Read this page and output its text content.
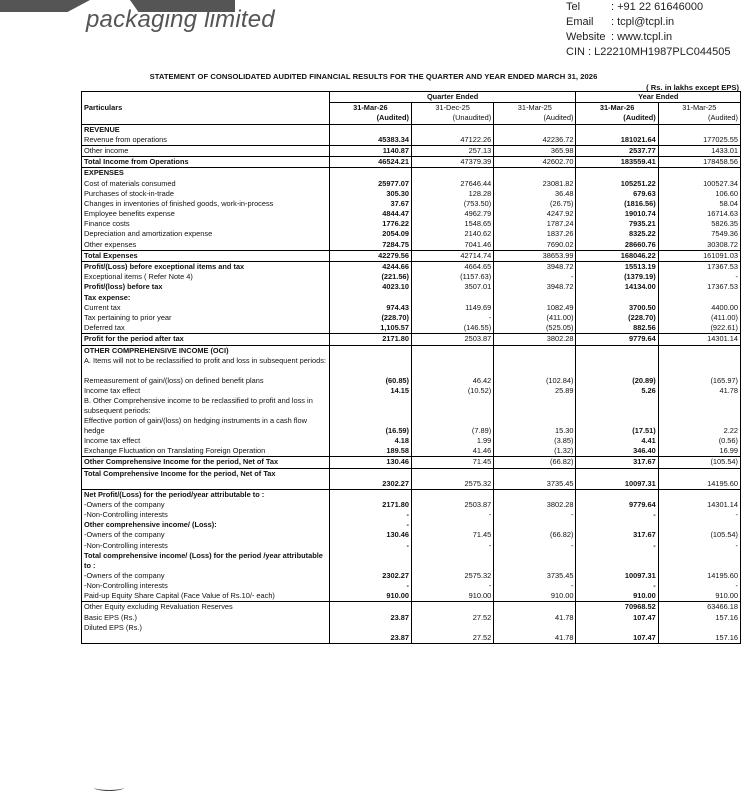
packaging limited	Tel	: +91 22 61646000
Email : tcpl@tcpl.in
Website : www.tcpl.in
CIN : L22210MH1987PLC044505
STATEMENT OF CONSOLIDATED AUDITED FINANCIAL RESULTS FOR THE QUARTER AND YEAR ENDED MARCH 31, 2026
( Rs. in lakhs except EPS)
	Quarter Ended			Year Ended	
Particulars	31-Mar-26	31-Dec-25	31-Mar-25	31-Mar-26	31-Mar-25
	(Audited)	(Unaudited)	(Audited)	(Audited)	(Audited)
REVENUE					
Revenue from operations	45383.34	47122.26	42236.72	181021.64	177025.55
Other income	1140.87	257.13	365.98	2537.77	1433.01
Total Income from Operations	46524.21	47379.39	42602.70	183559.41	178458.56
EXPENSES					
Cost of materials consumed	25977.07	27646.44	23081.82	105251.22	100527.34
Purchases of stock-in-trade	305.30	128.28	36.48	679.63	106.60
Changes in inventories of finished goods, work-in-process	37.67	(753.50)	(26.75)	(1816.56)	58.04
Employee benefits expense	4844.47	4962.79	4247.92	19010.74	16714.63
Finance costs	1776.22	1548.65	1787.24	7935.21	5826.35
Depreciation and amortization expense	2054.09	2140.62	1837.26	8325.22	7549.36
Other expenses	7284.75	7041.46	7690.02	28660.76	30308.72
Total Expenses	42279.56	42714.74	38653.99	168046.22	161091.03
Profit/(Loss) before exceptional items and tax	4244.66	4664.65	3948.72	15513.19	17367.53
Exceptional items ( Refer Note 4)	(221.56)	(1157.63)	-	(1379.19)	-
Profit/(loss) before tax	4023.10	3507.01	3948.72	14134.00	17367.53
Tax expense:					
Current tax	974.43	1149.69	1082.49	3700.50	4400.00
Tax pertaining to prior year	(228.70)	-	(411.00)	(228.70)	(411.00)
Deferred tax	1,105.57	(146.55)	(525.05)	882.56	(922.61)
Profit for the period after tax	2171.80	2503.87	3802.28	9779.64	14301.14
OTHER COMPREHENSIVE INCOME (OCI)					
A. Items will not to be reclassified to profit and loss in subsequent periods:					
Remeasurement of gain/(loss) on defined benefit plans	(60.85)	46.42	(102.84)	(20.89)	(165.97)
Income tax effect	14.15	(10.52)	25.89	5.26	41.78
B. Other Comprehensive income to be reclassified to profit and loss in subsequent periods:					
Effective portion of gain/(loss) on hedging instruments in a cash flow hedge	(16.59)	(7.89)	15.30	(17.51)	2.22
Income tax effect	4.18	1.99	(3.85)	4.41	(0.56)
Exchange Fluctuation on Translating Foreign Operation	189.58	41.46	(1.32)	346.40	16.99
Other Comprehensive Income for the period, Net of Tax	130.46	71.45	(66.82)	317.67	(105.54)
Total Comprehensive Income for the period, Net of Tax	2302.27	2575.32	3735.45	10097.31	14195.60
Net Profit/(Loss) for the period/year attributable to :					
-Owners of the company	2171.80	2503.87	3802.28	9779.64	14301.14
-Non-Controlling interests	-	-	-	-	-
Other comprehensive income/ (Loss):	-				
-Owners of the company	130.46	71.45	(66.82)	317.67	(105.54)
-Non-Controlling interests	-	-	-	-	-
Total comprehensive income/ (Loss) for the period /year attributable to :					
-Owners of the company	2302.27	2575.32	3735.45	10097.31	14195.60
-Non-Controlling interests	-	-	-	-	-
Paid-up Equity Share Capital (Face Value of Rs.10/- each)	910.00	910.00	910.00	910.00	910.00
Other Equity excluding Revaluation Reserves				70968.52	63466.18
Basic EPS (Rs.)	23.87	27.52	41.78	107.47	157.16
Diluted EPS (Rs.)	23.87	27.52	41.78	107.47	157.16
